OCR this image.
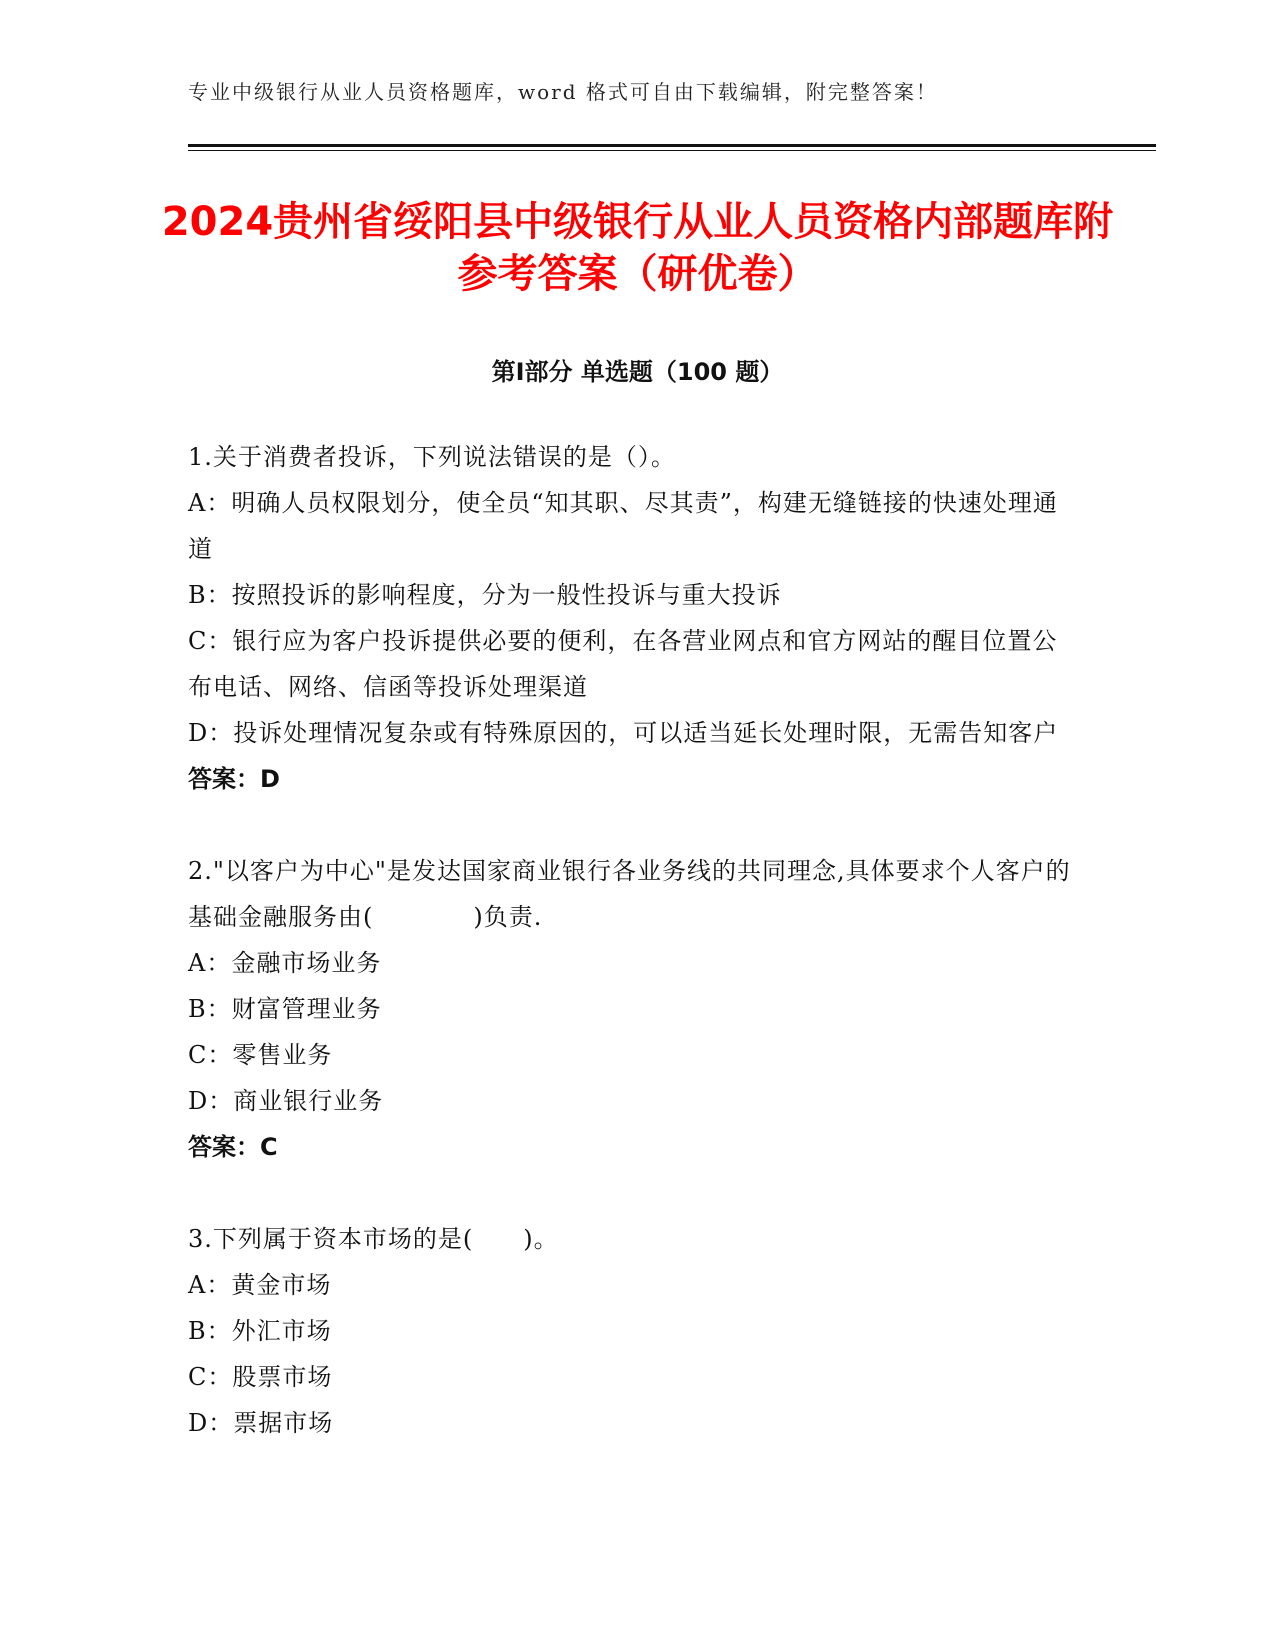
专业中级银行从业人员资格题库，word 格式可自由下载编辑，附完整答案！
2024贵州省绥阳县中级银行从业人员资格内部题库附参考答案（研优卷）
第Ⅰ部分 单选题（100 题）

1.关于消费者投诉，下列说法错误的是（）。

A：明确人员权限划分，使全员“知其职、尽其责”，构建无缝链接的快速处理通道

B：按照投诉的影响程度，分为一般性投诉与重大投诉

C：银行应为客户投诉提供必要的便利，在各营业网点和官方网站的醒目位置公布电话、网络、信函等投诉处理渠道

D：投诉处理情况复杂或有特殊原因的，可以适当延长处理时限，无需告知客户

答案：D

2."以客户为中心"是发达国家商业银行各业务线的共同理念,具体要求个人客户的基础金融服务由(　　　　)负责.

A：金融市场业务

B：财富管理业务

C：零售业务

D：商业银行业务

答案：C

3.下列属于资本市场的是(　　)。

A：黄金市场

B：外汇市场

C：股票市场

D：票据市场
